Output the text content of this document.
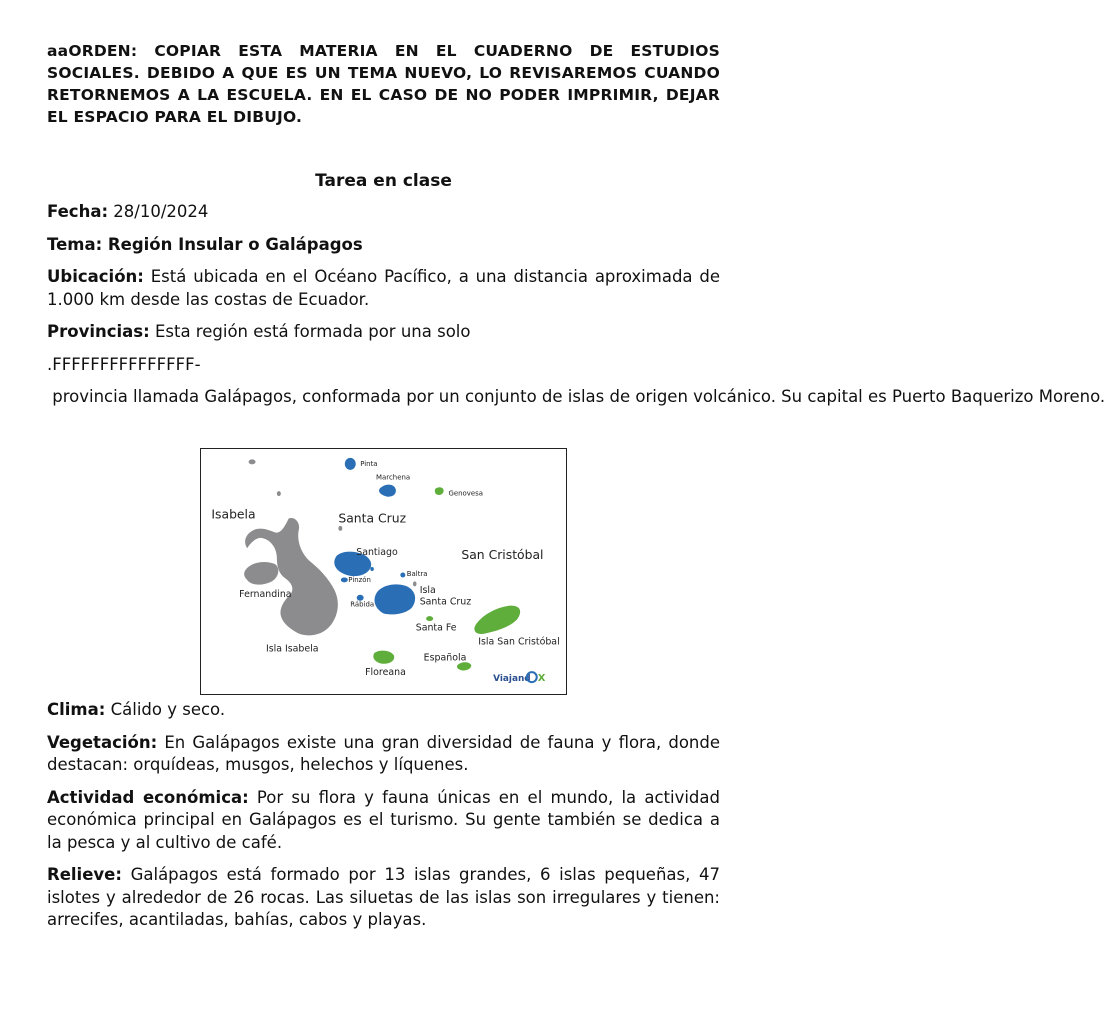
aaORDEN: COPIAR ESTA MATERIA EN EL CUADERNO DE ESTUDIOS SOCIALES. DEBIDO A QUE ES UN TEMA NUEVO, LO REVISAREMOS CUANDO RETORNEMOS A LA ESCUELA. EN EL CASO DE NO PODER IMPRIMIR, DEJAR EL ESPACIO PARA EL DIBUJO.

Tarea en clase
Fecha: 28/10/2024
Tema: Región Insular o Galápagos
Ubicación: Está ubicada en el Océano Pacífico, a una distancia aproximada de 1.000 km desde las costas de Ecuador.
Provincias: Esta región está formada por una solo
.FFFFFFFFFFFFFFF-
provincia llamada Galápagos, conformada por un conjunto de islas de origen volcánico. Su capital es Puerto Baquerizo Moreno.
Isabela	Santa Cruz
San Cristóbal
Pinta
Marchena
Genovesa
Santiago
Pinzón
Baltra
Isla
Santa Cruz
Rábida
Fernandina
Santa Fe
Isla San Cristóbal
Isla Isabela
Española
Floreana
Viajand X
Clima: Cálido y seco.
Vegetación: En Galápagos existe una gran diversidad de fauna y flora, donde destacan: orquídeas, musgos, helechos y líquenes.
Actividad económica: Por su flora y fauna únicas en el mundo, la actividad económica principal en Galápagos es el turismo. Su gente también se dedica a la pesca y al cultivo de café.
Relieve: Galápagos está formado por 13 islas grandes, 6 islas pequeñas, 47 islotes y alrededor de 26 rocas. Las siluetas de las islas son irregulares y tienen: arrecifes, acantiladas, bahías, cabos y playas.
